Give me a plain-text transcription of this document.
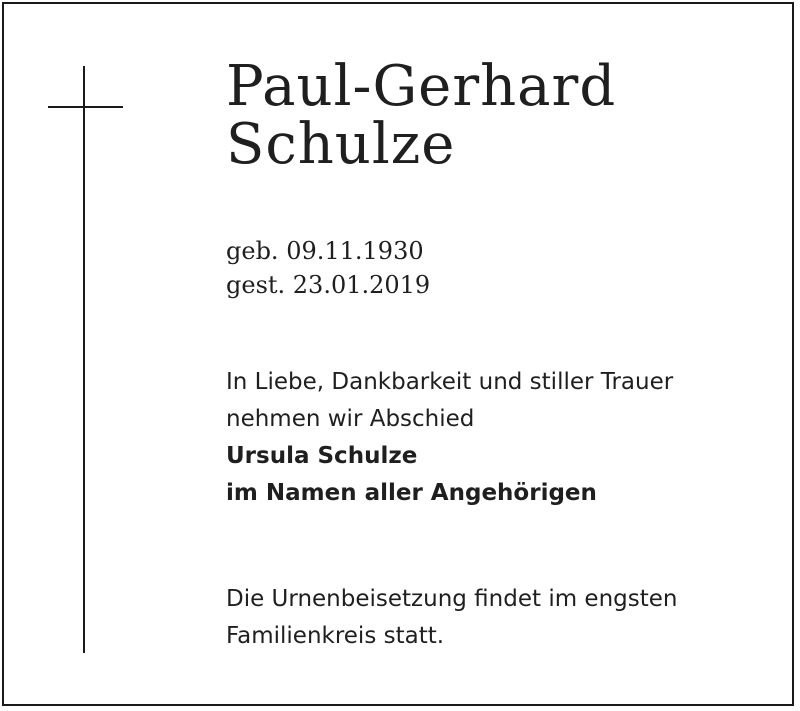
Paul-Gerhard
Schulze
geb. 09.11.1930
gest. 23.01.2019
In Liebe, Dankbarkeit und stiller Trauer
nehmen wir Abschied
Ursula Schulze
im Namen aller Angehörigen
Die Urnenbeisetzung findet im engsten
Familienkreis statt.
